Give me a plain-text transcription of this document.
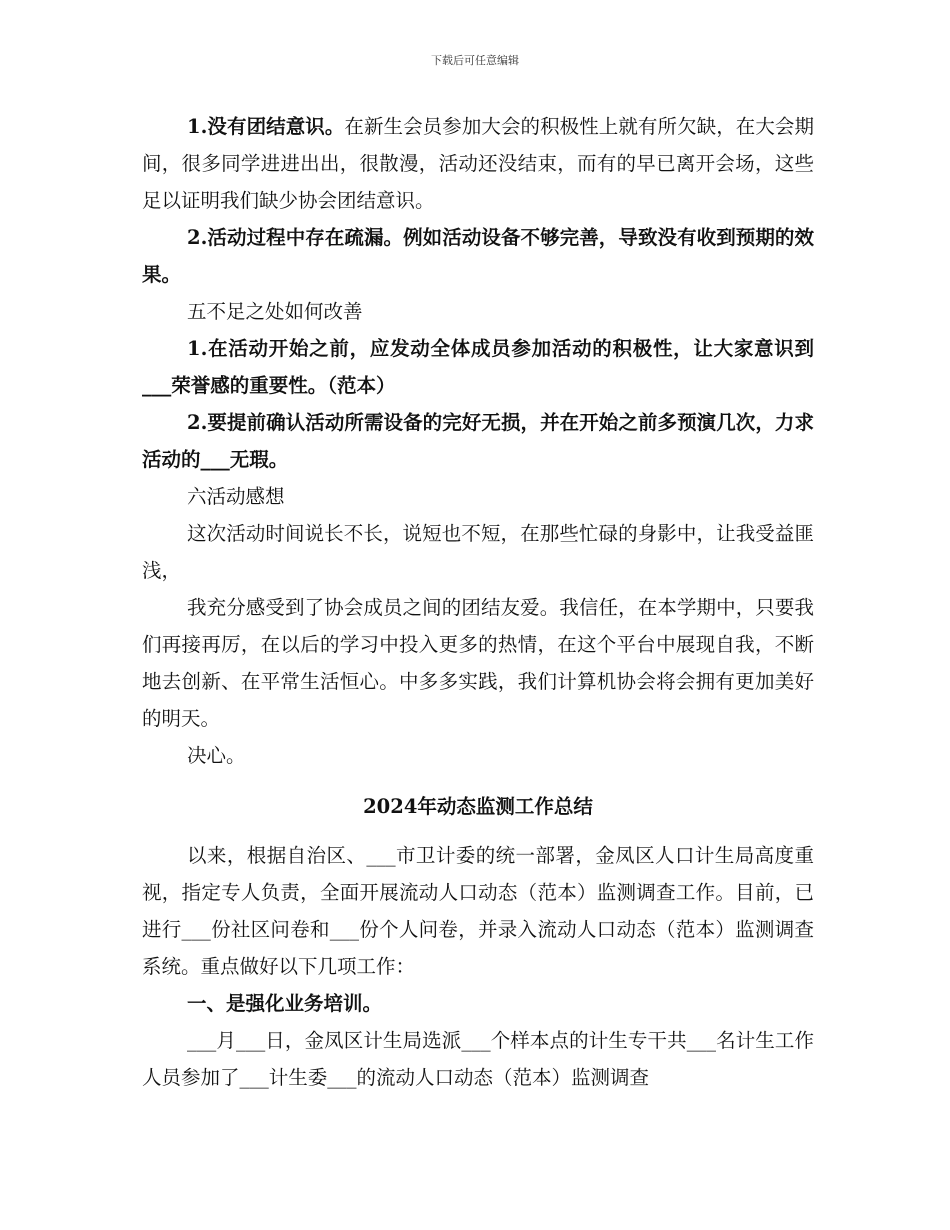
下载后可任意编辑

1.没有团结意识。在新生会员参加大会的积极性上就有所欠缺，在大会期间，很多同学进进出出，很散漫，活动还没结束，而有的早已离开会场，这些足以证明我们缺少协会团结意识。

2.活动过程中存在疏漏。例如活动设备不够完善，导致没有收到预期的效果。

五不足之处如何改善

1.在活动开始之前，应发动全体成员参加活动的积极性，让大家意识到___荣誉感的重要性。（范本）

2.要提前确认活动所需设备的完好无损，并在开始之前多预演几次，力求活动的___无瑕。

六活动感想

这次活动时间说长不长，说短也不短，在那些忙碌的身影中，让我受益匪浅，

我充分感受到了协会成员之间的团结友爱。我信任，在本学期中，只要我们再接再厉，在以后的学习中投入更多的热情，在这个平台中展现自我，不断地去创新、在平常生活恒心。中多多实践，我们计算机协会将会拥有更加美好的明天。

决心。

2024年动态监测工作总结

以来，根据自治区、___市卫计委的统一部署，金凤区人口计生局高度重视，指定专人负责，全面开展流动人口动态（范本）监测调查工作。目前，已进行___份社区问卷和___份个人问卷，并录入流动人口动态（范本）监测调查系统。重点做好以下几项工作：

一、是强化业务培训。

___月___日，金凤区计生局选派___个样本点的计生专干共___名计生工作人员参加了___计生委___的流动人口动态（范本）监测调查
